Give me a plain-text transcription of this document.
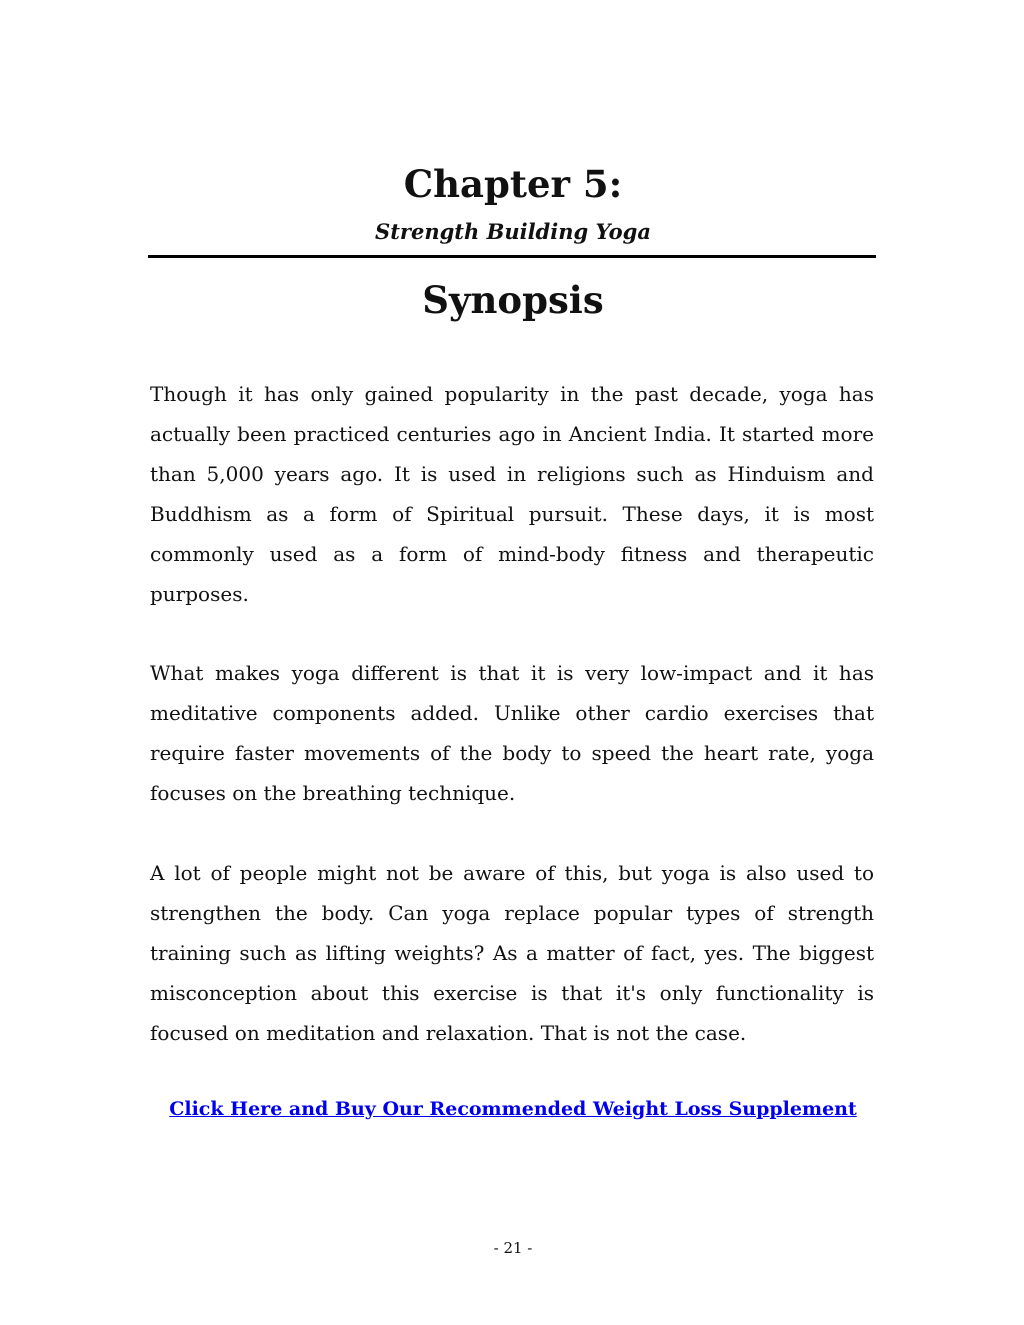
Chapter 5:
Strength Building Yoga
Synopsis

Though it has only gained popularity in the past decade, yoga has actually been practiced centuries ago in Ancient India. It started more than 5,000 years ago. It is used in religions such as Hinduism and Buddhism as a form of Spiritual pursuit. These days, it is most commonly used as a form of mind-body fitness and therapeutic purposes.

What makes yoga different is that it is very low-impact and it has meditative components added. Unlike other cardio exercises that require faster movements of the body to speed the heart rate, yoga focuses on the breathing technique.

A lot of people might not be aware of this, but yoga is also used to strengthen the body. Can yoga replace popular types of strength training such as lifting weights? As a matter of fact, yes. The biggest misconception about this exercise is that it's only functionality is focused on meditation and relaxation. That is not the case.

Click Here and Buy Our Recommended Weight Loss Supplement
- 21 -
